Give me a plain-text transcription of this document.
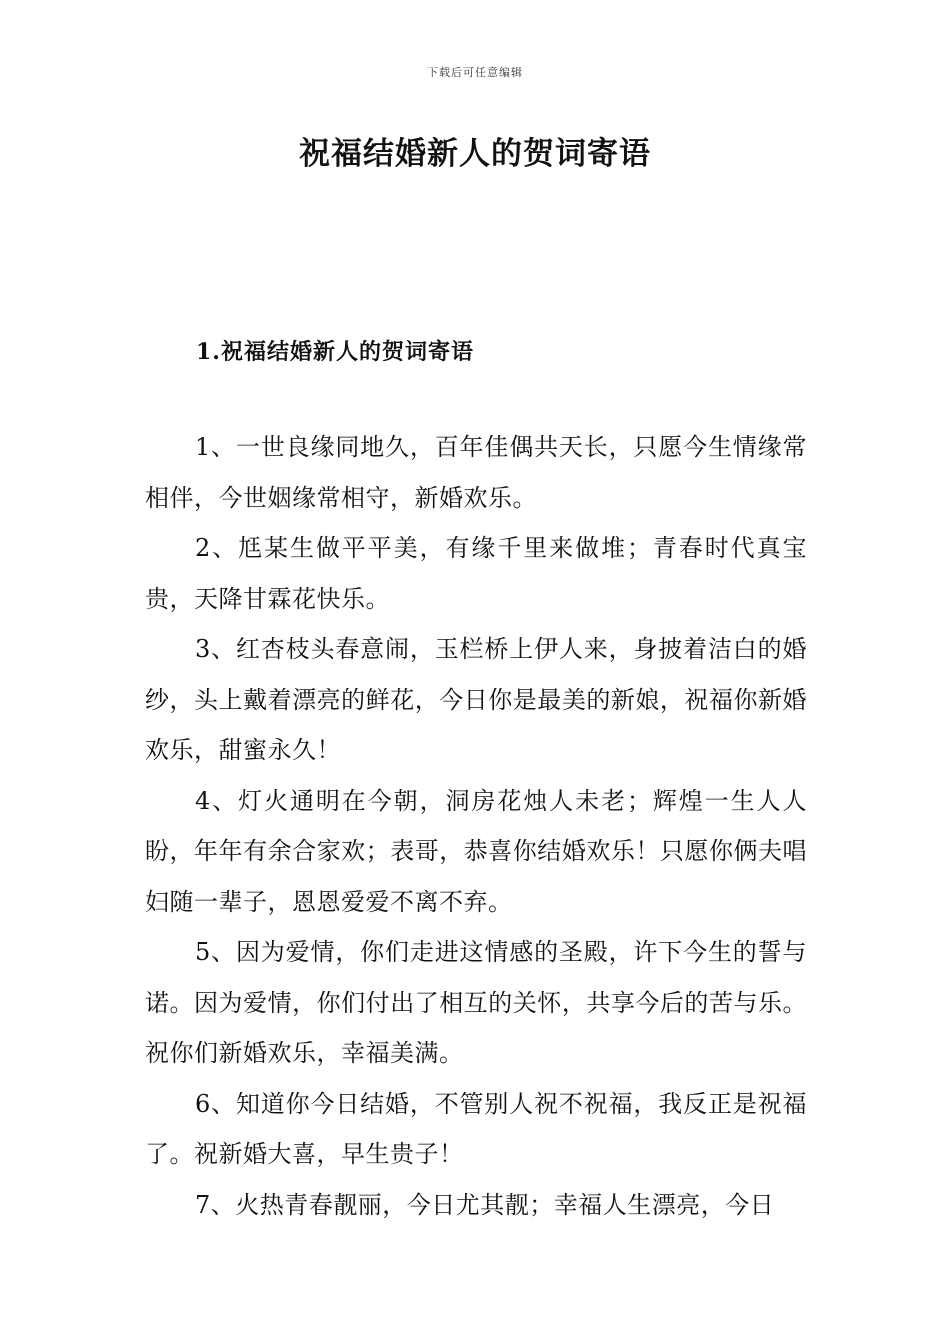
下载后可任意编辑
祝福结婚新人的贺词寄语
1.祝福结婚新人的贺词寄语

1、一世良缘同地久，百年佳偶共天长，只愿今生情缘常相伴，今世姻缘常相守，新婚欢乐。

2、尪某生做平平美，有缘千里来做堆；青春时代真宝贵，天降甘霖花快乐。

3、红杏枝头春意闹，玉栏桥上伊人来，身披着洁白的婚纱，头上戴着漂亮的鲜花，今日你是最美的新娘，祝福你新婚欢乐，甜蜜永久！

4、灯火通明在今朝，洞房花烛人未老；辉煌一生人人盼，年年有余合家欢；表哥，恭喜你结婚欢乐！只愿你俩夫唱妇随一辈子，恩恩爱爱不离不弃。

5、因为爱情，你们走进这情感的圣殿，许下今生的誓与诺。因为爱情，你们付出了相互的关怀，共享今后的苦与乐。祝你们新婚欢乐，幸福美满。

6、知道你今日结婚，不管别人祝不祝福，我反正是祝福了。祝新婚大喜，早生贵子！

7、火热青春靓丽，今日尤其靓；幸福人生漂亮，今日
